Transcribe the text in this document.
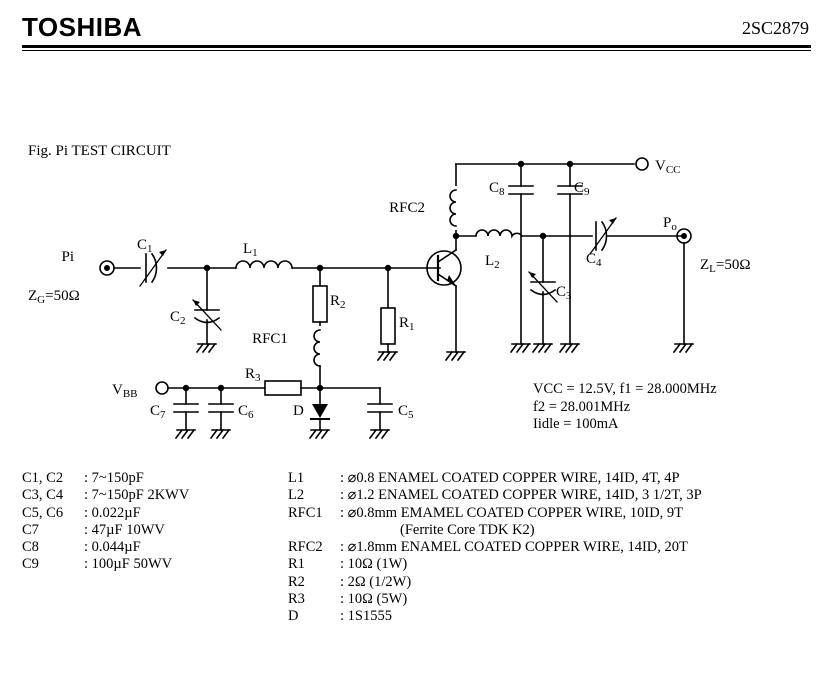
TOSHIBA	2SC2879
Fig. Pi TEST CIRCUIT
Pi
$Z_G=50\Omega$
$P_o$
$Z_L=50\Omega$
$V_{CC}$
$V_{BB}$
$C_1$
$C_2$
$C_3$
$C_4$
$C_5$
$C_6$
$C_7$
$C_8$	$C_9$
$L_1$	$L_2$
$R_1$
$R_2$
$R_3$
RFC1
RFC2
D
VCC = 12.5V, f1 = 28.000MHz
f2 = 28.001MHz
Iidle = 100mA
C1, C2 : 7~150pF
C3, C4 : 7~150pF 2KWV
C5, C6 : 0.022µF
C7	: 47µF 10WV
C8	: 0.044µF
C9	: 100µF 50WV
L1 : ⌀0.8 ENAMEL COATED COPPER WIRE, 14ID, 4T, 4P
L2 : ⌀1.2 ENAMEL COATED COPPER WIRE, 14ID, 3 1/2T, 3P
RFC1 : ⌀0.8mm EMAMEL COATED COPPER WIRE, 10ID, 9T
(Ferrite Core TDK K2)
RFC2 : ⌀1.8mm ENAMEL COATED COPPER WIRE, 14ID, 20T
R1 : 10Ω (1W)
R2 : 2Ω (1/2W)
R3 : 10Ω (5W)
D	: 1S1555
